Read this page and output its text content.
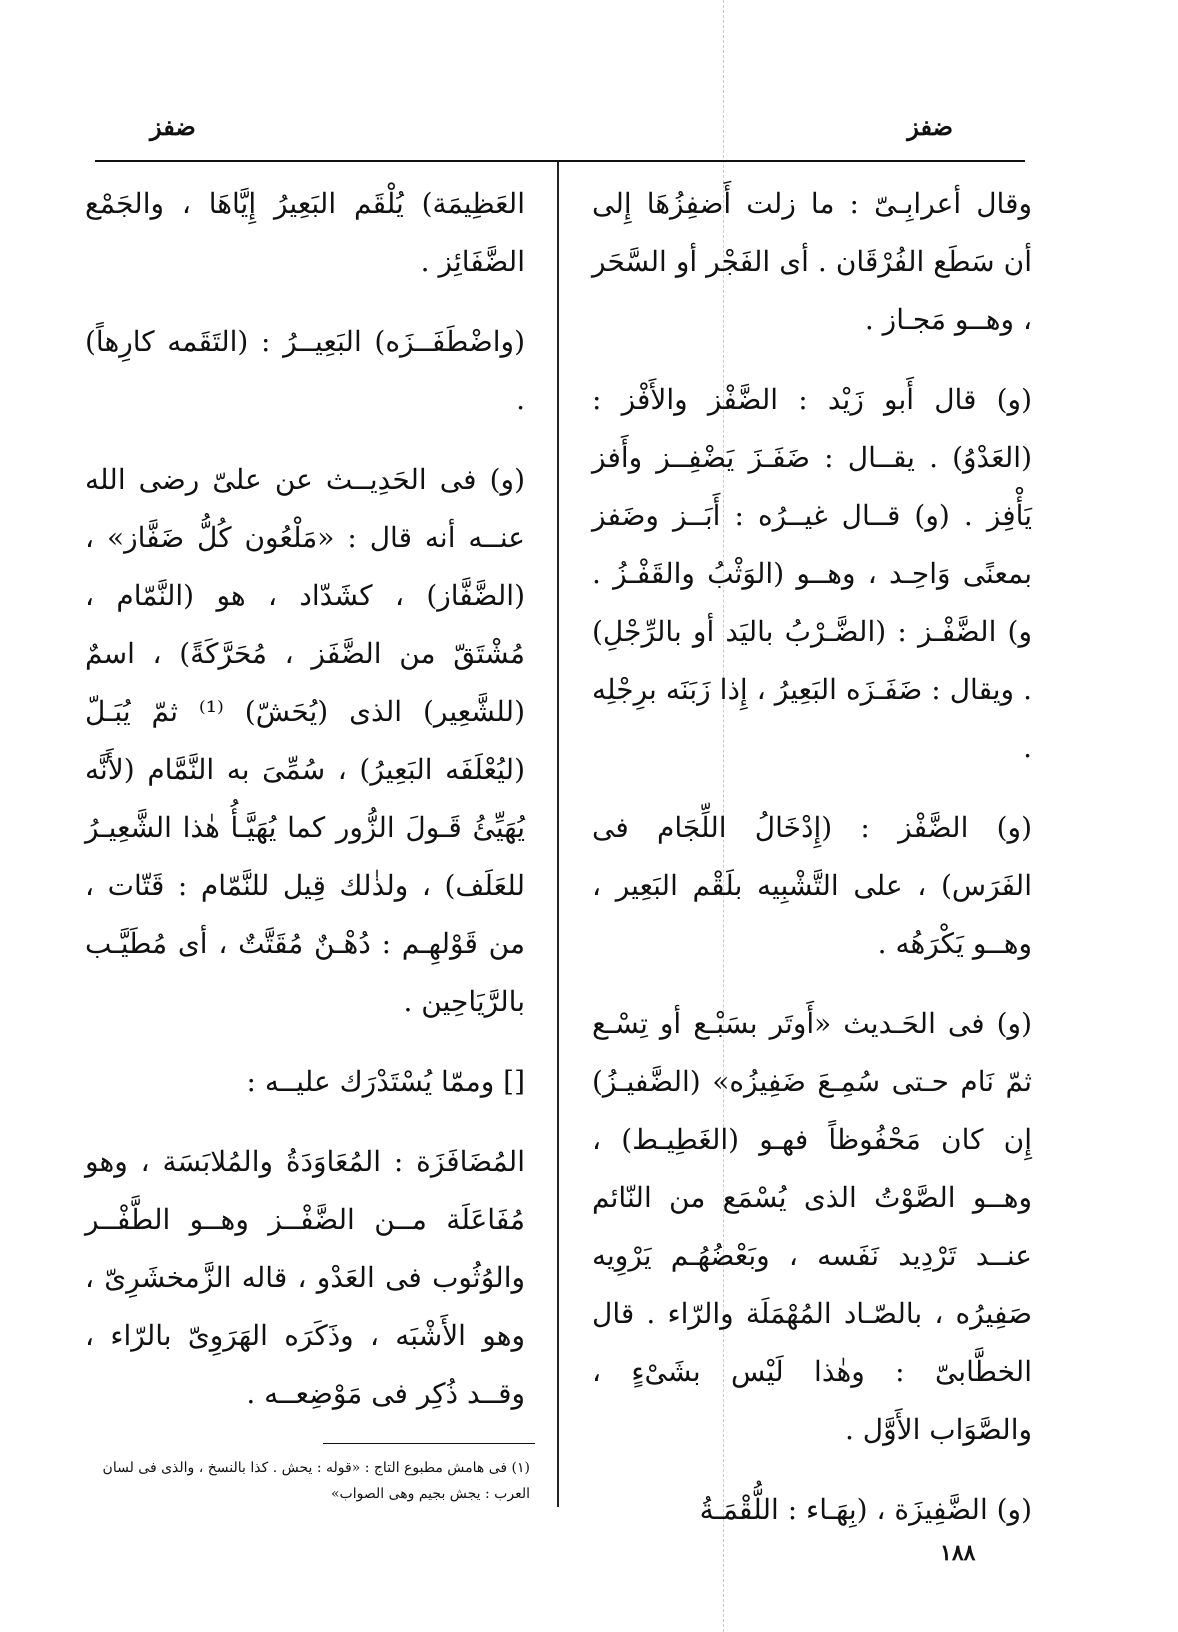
ضفز
ضفز

وقال أعرابِـىّ : ما زلت أَضفِزُهَا إِلى أن سَطَع الفُرْقَان . أى الفَجْر أو السَّحَر ، وهــو مَجـاز .

(و) قال أَبو زَيْد : الضَّفْز والأَفْز : (العَدْوُ) . يقــال : ضَفَـزَ يَضْفِــز وأَفز يَأْفِز . (و) قــال غيــرُه : أَبَــز وضَفز بمعنًى وَاحِـد ، وهــو (الوَثْبُ والقَفْـزُ . و) الضَّفْـز : (الضَّـرْبُ باليَد أو بالرِّجْلِ) . ويقال : ضَفَـزَه البَعِيرُ ، إِذا زَبَنَه برِجْلِه .

(و) الضَّفْز : (إِدْخَالُ اللِّجَام فى الفَرَس) ، على التَّشْبِيه بلَقْم البَعِير ، وهــو يَكْرَهُه .

(و) فى الحَـديث «أَوتَر بسَبْـع أو تِسْـع ثمّ نَام حـتى سُمِـعَ ضَفِيزُه» (الضَّفيـزُ) إِن كان مَحْفُوظاً فهـو (الغَطِيـط) ، وهــو الصَّوْتُ الذى يُسْمَع من النّائم عنــد تَرْدِيد نَفَسه ، وبَعْضُهُـم يَرْوِيه صَفِيرُه ، بالصّـاد المُهْمَلَة والرّاء . قال الخطَّابىّ : وهٰذا لَيْس بشَىْءٍ ، والصَّوَاب الأَوَّل .

(و) الضَّفِيزَة ، (بِهَـاء : اللُّقْمَـةُ

العَظِيمَة) يُلْقَم البَعِيرُ إِيَّاهَا ، والجَمْع الضَّفَائِز .

(واضْطَفَــزَه) البَعِيــرُ : (التَقَمه كارِهاً) .

(و) فى الحَدِيــث عن علىّ رضى الله عنــه أنه قال : «مَلْعُون كُلُّ ضَفَّاز» ، (الضَّفَّاز) ، كشَدّاد ، هو (النَّمّام ، مُشْتَقّ من الضَّفَز ، مُحَرَّكَةً) ، اسمٌ (للشَّعِير) الذى (يُحَشّ) ⁽¹⁾ ثمّ يُبَـلّ (ليُعْلَفَه البَعِيرُ) ، سُمِّىَ به النَّمَّام (لأَنَّه يُهَيِّئُ قَـولَ الزُّور كما يُهَيَّـأُ هٰذا الشَّعِيـرُ للعَلَف) ، ولذٰلك قِيل للنَّمّام : قَتّات ، من قَوْلهِـم : دُهْـنٌ مُقَتَّتٌ ، أى مُطَيَّـب بالرَّيَاحِين .

[] وممّا يُسْتَدْرَك عليــه :

المُضَافَزَة : المُعَاوَدَةُ والمُلابَسَة ، وهو مُفَاعَلَة مــن الضَّفْــز وهــو الطَّفْــر والوُثُوب فى العَدْو ، قاله الزَّمخشَرِىّ ، وهو الأَشْبَه ، وذَكَرَه الهَرَوِىّ بالرّاء ، وقــد ذُكِر فى مَوْضِعــه .

(١) فى هامش مطبوع التاج : «قوله : يحش . كذا بالنسخ ، والذى فى لسان العرب : يجش بجيم وهى الصواب»
١٨٨
